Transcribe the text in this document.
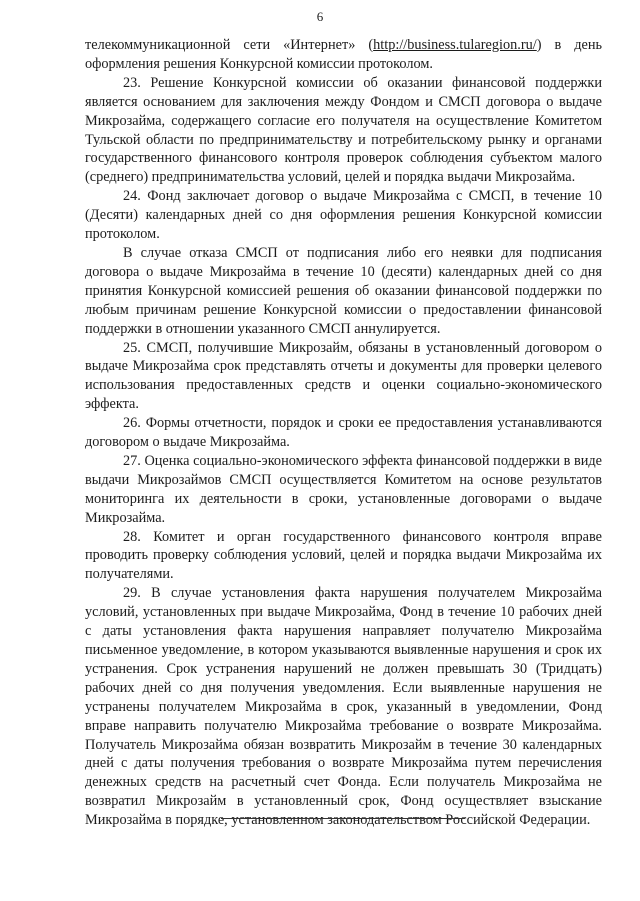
6

телекоммуникационной сети «Интернет» (http://business.tularegion.ru/) в день оформления решения Конкурсной комиссии протоколом.

23. Решение Конкурсной комиссии об оказании финансовой поддержки является основанием для заключения между Фондом и СМСП договора о выдаче Микрозайма, содержащего согласие его получателя на осуществление Комитетом Тульской области по предпринимательству и потребительскому рынку и органами государственного финансового контроля проверок соблюдения субъектом малого (среднего) предпринимательства условий, целей и порядка выдачи Микрозайма.

24. Фонд заключает договор о выдаче Микрозайма с СМСП, в течение 10 (Десяти) календарных дней со дня оформления решения Конкурсной комиссии протоколом.

В случае отказа СМСП от подписания либо его неявки для подписания договора о выдаче Микрозайма в течение 10 (десяти) календарных дней со дня принятия Конкурсной комиссией решения об оказании финансовой поддержки по любым причинам решение Конкурсной комиссии о предоставлении финансовой поддержки в отношении указанного СМСП аннулируется.

25. СМСП, получившие Микрозайм, обязаны в установленный договором о выдаче Микрозайма срок представлять отчеты и документы для проверки целевого использования предоставленных средств и оценки социально-экономического эффекта.

26. Формы отчетности, порядок и сроки ее предоставления устанавливаются договором о выдаче Микрозайма.

27. Оценка социально-экономического эффекта финансовой поддержки в виде выдачи Микрозаймов СМСП осуществляется Комитетом на основе результатов мониторинга их деятельности в сроки, установленные договорами о выдаче Микрозайма.

28. Комитет и орган государственного финансового контроля вправе проводить проверку соблюдения условий, целей и порядка выдачи Микрозайма их получателями.

29. В случае установления факта нарушения получателем Микрозайма условий, установленных при выдаче Микрозайма, Фонд в течение 10 рабочих дней с даты установления факта нарушения направляет получателю Микрозайма письменное уведомление, в котором указываются выявленные нарушения и срок их устранения. Срок устранения нарушений не должен превышать 30 (Тридцать) рабочих дней со дня получения уведомления. Если выявленные нарушения не устранены получателем Микрозайма в срок, указанный в уведомлении, Фонд вправе направить получателю Микрозайма требование о возврате Микрозайма. Получатель Микрозайма обязан возвратить Микрозайм в течение 30 календарных дней с даты получения требования о возврате Микрозайма путем перечисления денежных средств на расчетный счет Фонда. Если получатель Микрозайма не возвратил Микрозайм в установленный срок, Фонд осуществляет взыскание Микрозайма в порядке, установленном законодательством Российской Федерации.
